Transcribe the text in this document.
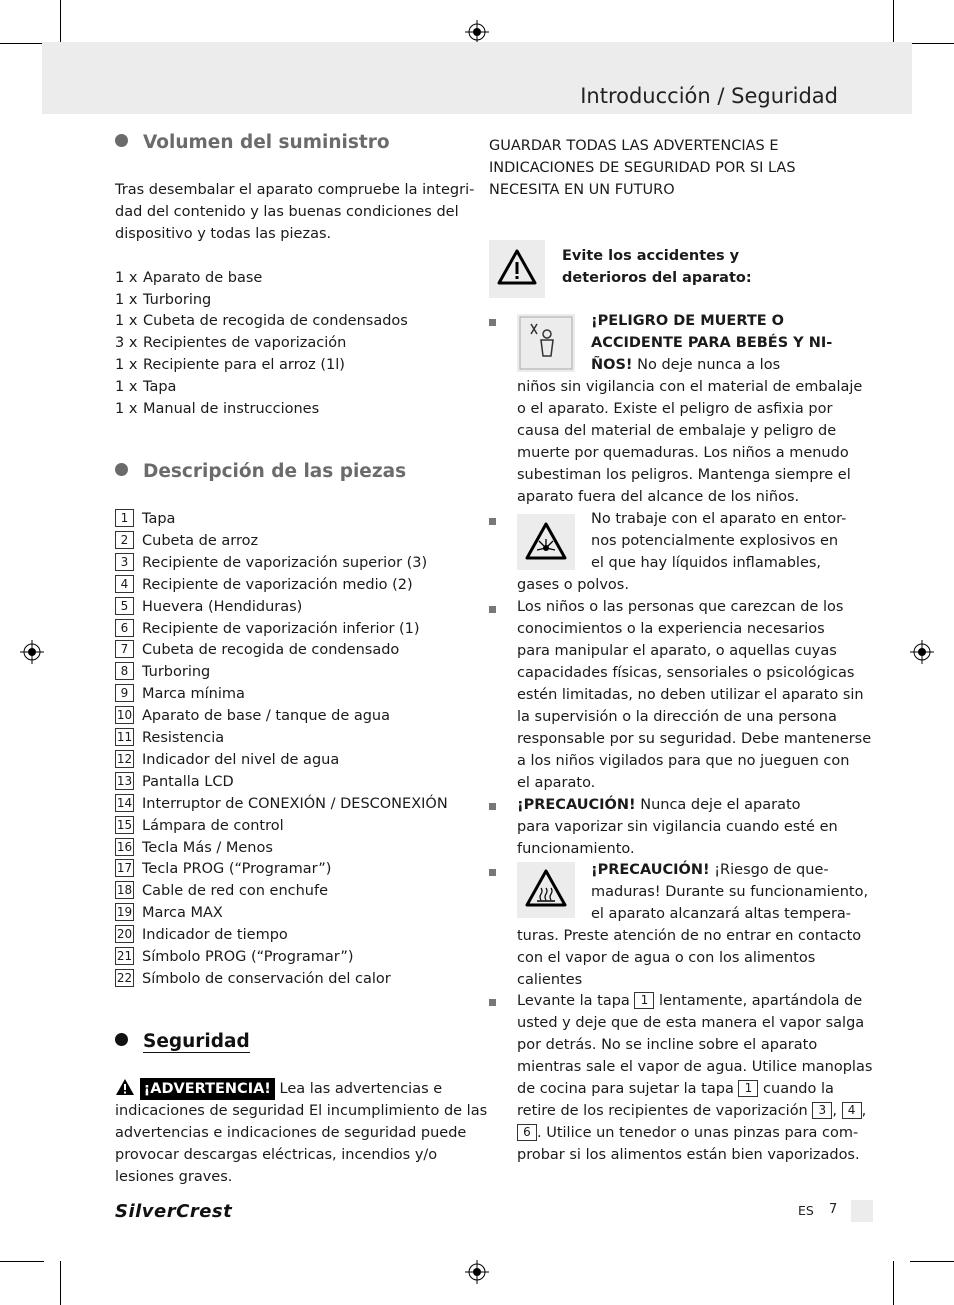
Introducción / Seguridad
Volumen del suministro
Tras desembalar el aparato compruebe la integri-
dad del contenido y las buenas condiciones del
dispositivo y todas las piezas.
1 x Aparato de base
1 x Turboring
1 x Cubeta de recogida de condensados
3 x Recipientes de vaporización
1 x Recipiente para el arroz (1l)
1 x Tapa
1 x Manual de instrucciones
Descripción de las piezas
1 Tapa
2 Cubeta de arroz
3 Recipiente de vaporización superior (3)
4 Recipiente de vaporización medio (2)
5 Huevera (Hendiduras)
6 Recipiente de vaporización inferior (1)
7 Cubeta de recogida de condensado
8 Turboring
9 Marca mínima
10 Aparato de base / tanque de agua
11 Resistencia
12 Indicador del nivel de agua
13 Pantalla LCD
14 Interruptor de CONEXIÓN / DESCONEXIÓN
15 Lámpara de control
16 Tecla Más / Menos
17 Tecla PROG (“Programar”)
18 Cable de red con enchufe
19 Marca MAX
20 Indicador de tiempo
21 Símbolo PROG (“Programar”)
22 Símbolo de conservación del calor
Seguridad
¡ADVERTENCIA! Lea las advertencias e
indicaciones de seguridad El incumplimiento de las
advertencias e indicaciones de seguridad puede
provocar descargas eléctricas, incendios y/o
lesiones graves.
GUARDAR TODAS LAS ADVERTENCIAS E
INDICACIONES DE SEGURIDAD POR SI LAS
NECESITA EN UN FUTURO
Evite los accidentes y
deterioros del aparato:
¡PELIGRO DE MUERTE O
ACCIDENTE PARA BEBÉS Y NI-
ÑOS! No deje nunca a los
niños sin vigilancia con el material de embalaje
o el aparato. Existe el peligro de asfixia por
causa del material de embalaje y peligro de
muerte por quemaduras. Los niños a menudo
subestiman los peligros. Mantenga siempre el
aparato fuera del alcance de los niños.
No trabaje con el aparato en entor-
nos potencialmente explosivos en
el que hay líquidos inflamables,
gases o polvos.
Los niños o las personas que carezcan de los
conocimientos o la experiencia necesarios
para manipular el aparato, o aquellas cuyas
capacidades físicas, sensoriales o psicológicas
estén limitadas, no deben utilizar el aparato sin
la supervisión o la dirección de una persona
responsable por su seguridad. Debe mantenerse
a los niños vigilados para que no jueguen con
el aparato.
¡PRECAUCIÓN! Nunca deje el aparato
para vaporizar sin vigilancia cuando esté en
funcionamiento.
¡PRECAUCIÓN! ¡Riesgo de que-
maduras! Durante su funcionamiento,
el aparato alcanzará altas tempera-
turas. Preste atención de no entrar en contacto
con el vapor de agua o con los alimentos
calientes
Levante la tapa 1 lentamente, apartándola de
usted y deje que de esta manera el vapor salga
por detrás. No se incline sobre el aparato
mientras sale el vapor de agua. Utilice manoplas
de cocina para sujetar la tapa 1 cuando la
retire de los recipientes de vaporización 3 , 4 ,
6 . Utilice un tenedor o unas pinzas para com-
probar si los alimentos están bien vaporizados.
SilverCrest	ES 7
